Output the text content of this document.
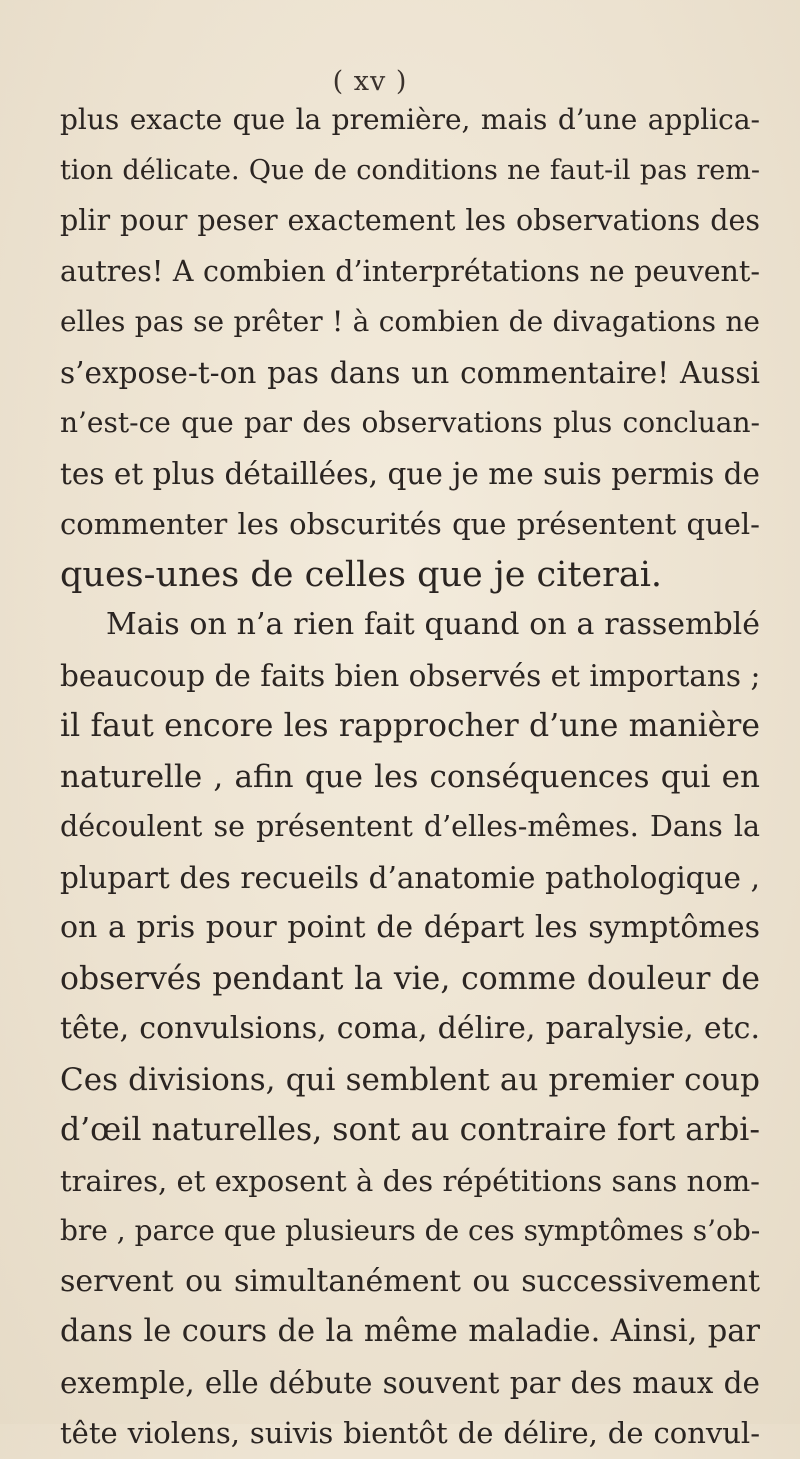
( xv )
plus exacte que la première, mais d’une applica-
tion délicate. Que de conditions ne faut-il pas rem-
plir pour peser exactement les observations des
autres! A combien d’interprétations ne peuvent-
elles pas se prêter ! à combien de divagations ne
s’expose-t-on pas dans un commentaire! Aussi
n’est-ce que par des observations plus concluan-
tes et plus détaillées, que je me suis permis de
commenter les obscurités que présentent quel-
ques-unes de celles que je citerai.
Mais on n’a rien fait quand on a rassemblé
beaucoup de faits bien observés et importans ;
il faut encore les rapprocher d’une manière
naturelle , afin que les conséquences qui en
découlent se présentent d’elles-mêmes. Dans la
plupart des recueils d’anatomie pathologique ,
on a pris pour point de départ les symptômes
observés pendant la vie, comme douleur de
tête, convulsions, coma, délire, paralysie, etc.
Ces divisions, qui semblent au premier coup
d’œil naturelles, sont au contraire fort arbi-
traires, et exposent à des répétitions sans nom-
bre , parce que plusieurs de ces symptômes s’ob-
servent ou simultanément ou successivement
dans le cours de la même maladie. Ainsi, par
exemple, elle débute souvent par des maux de
tête violens, suivis bientôt de délire, de convul-
